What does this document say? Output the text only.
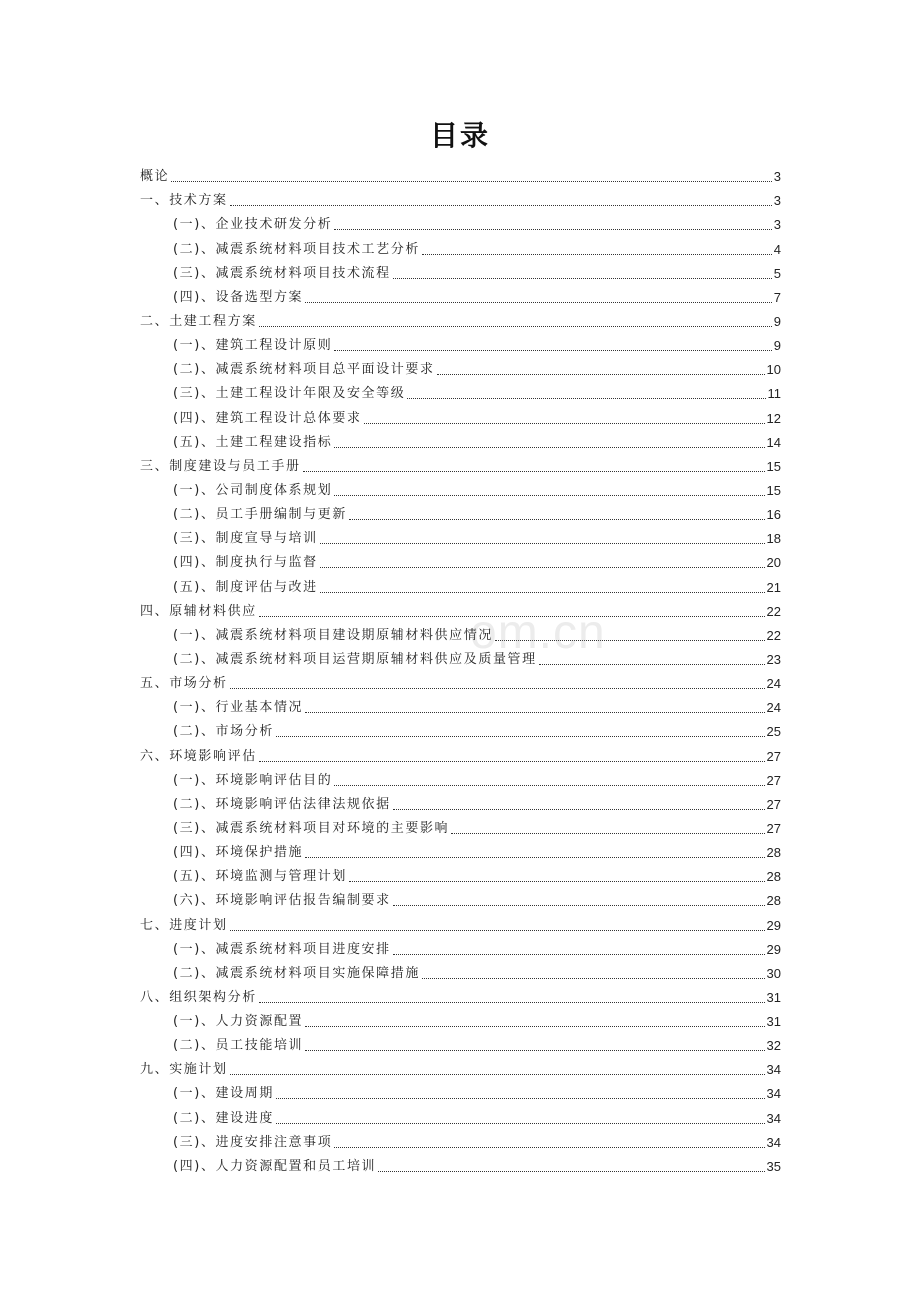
目录
概论	3
一、技术方案	3
(一)、企业技术研发分析	3
(二)、减震系统材料项目技术工艺分析	4
(三)、减震系统材料项目技术流程	5
(四)、设备选型方案	7
二、土建工程方案	9
(一)、建筑工程设计原则	9
(二)、减震系统材料项目总平面设计要求	10
(三)、土建工程设计年限及安全等级	11
(四)、建筑工程设计总体要求	12
(五)、土建工程建设指标	14
三、制度建设与员工手册	15
(一)、公司制度体系规划	15
(二)、员工手册编制与更新	16
(三)、制度宣导与培训	18
(四)、制度执行与监督	20
(五)、制度评估与改进	21
四、原辅材料供应	22
(一)、减震系统材料项目建设期原辅材料供应情况	22
(二)、减震系统材料项目运营期原辅材料供应及质量管理	23
五、市场分析	24
(一)、行业基本情况	24
(二)、市场分析	25
六、环境影响评估	27
(一)、环境影响评估目的	27
(二)、环境影响评估法律法规依据	27
(三)、减震系统材料项目对环境的主要影响	27
(四)、环境保护措施	28
(五)、环境监测与管理计划	28
(六)、环境影响评估报告编制要求	28
七、进度计划	29
(一)、减震系统材料项目进度安排	29
(二)、减震系统材料项目实施保障措施	30
八、组织架构分析	31
(一)、人力资源配置	31
(二)、员工技能培训	32
九、实施计划	34
(一)、建设周期	34
(二)、建设进度	34
(三)、进度安排注意事项	34
(四)、人力资源配置和员工培训	35
om.cn
